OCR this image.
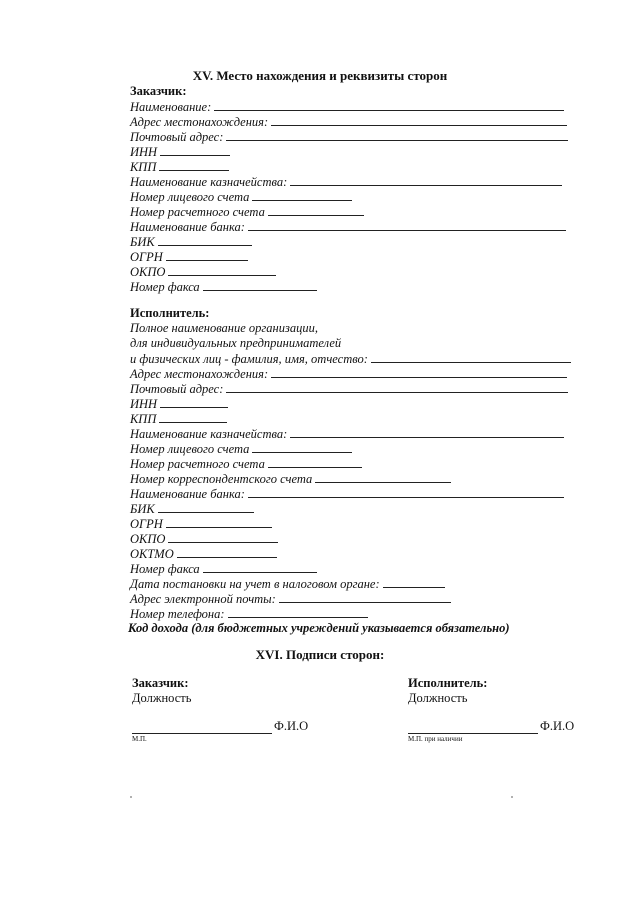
XV. Место нахождения и реквизиты сторон
Заказчик:
Наименование:
Адрес местонахождения:
Почтовый адрес:
ИНН
КПП
Наименование казначейства:
Номер лицевого счета
Номер расчетного счета
Наименование банка:
БИК
ОГРН
ОКПО
Номер факса
Исполнитель:
Полное наименование организации,
для индивидуальных предпринимателей
и физических лиц - фамилия, имя, отчество:
Адрес местонахождения:
Почтовый адрес:
ИНН
КПП
Наименование казначейства:
Номер лицевого счета
Номер расчетного счета
Номер корреспондентского счета
Наименование банка:
БИК
ОГРН
ОКПО
ОКТМО
Номер факса
Дата постановки на учет в налоговом органе:
Адрес электронной почты:
Номер телефона:
Код дохода (для бюджетных учреждений указывается обязательно)
XVI. Подписи сторон:
Заказчик:
Должность
Ф.И.О
М.П.
Исполнитель:
Должность
Ф.И.О
М.П. при наличии
